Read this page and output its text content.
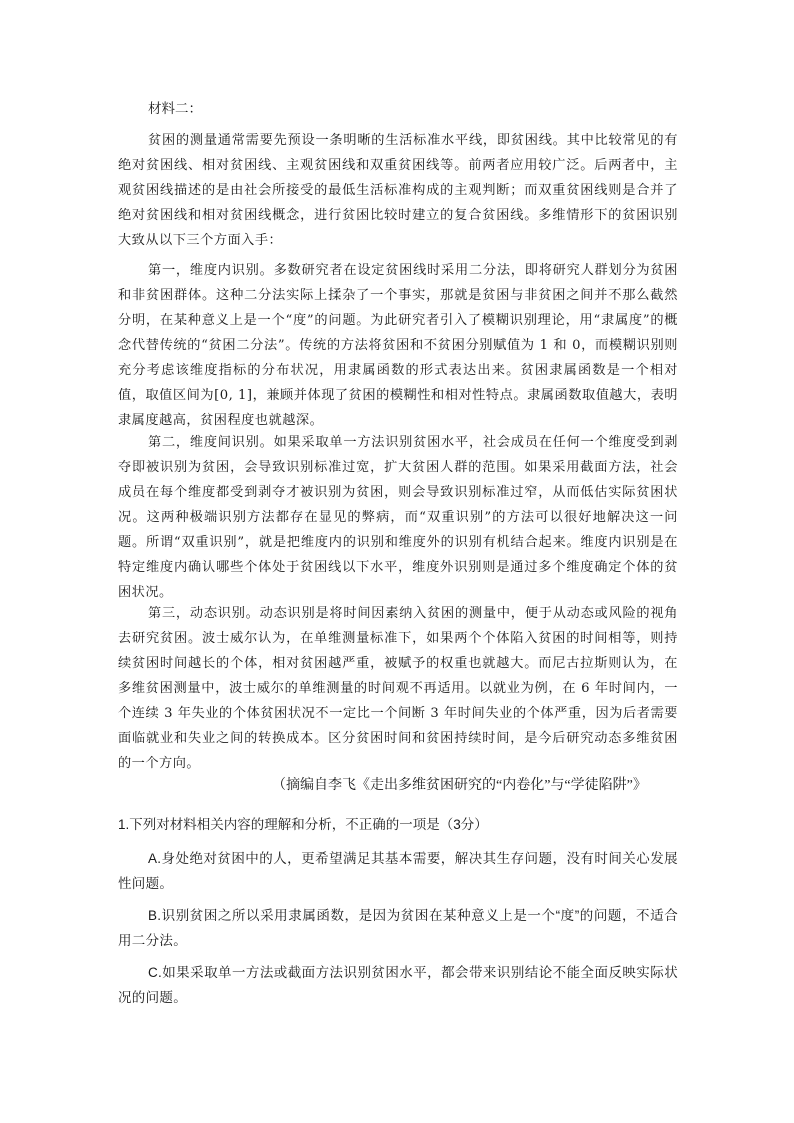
材料二：

贫困的测量通常需要先预设一条明晰的生活标准水平线，即贫困线。其中比较常见的有绝对贫困线、相对贫困线、主观贫困线和双重贫困线等。前两者应用较广泛。后两者中，主观贫困线描述的是由社会所接受的最低生活标准构成的主观判断；而双重贫困线则是合并了绝对贫困线和相对贫困线概念，进行贫困比较时建立的复合贫困线。多维情形下的贫困识别大致从以下三个方面入手：

第一，维度内识别。多数研究者在设定贫困线时采用二分法，即将研究人群划分为贫困和非贫困群体。这种二分法实际上揉杂了一个事实，那就是贫困与非贫困之间并不那么截然分明，在某种意义上是一个“度”的问题。为此研究者引入了模糊识别理论，用“隶属度”的概念代替传统的“贫困二分法”。传统的方法将贫困和不贫困分别赋值为 1 和 0，而模糊识别则充分考虑该维度指标的分布状况，用隶属函数的形式表达出来。贫困隶属函数是一个相对值，取值区间为[0, 1]，兼顾并体现了贫困的模糊性和相对性特点。隶属函数取值越大，表明隶属度越高，贫困程度也就越深。

第二，维度间识别。如果采取单一方法识别贫困水平，社会成员在任何一个维度受到剥夺即被识别为贫困，会导致识别标准过宽，扩大贫困人群的范围。如果采用截面方法，社会成员在每个维度都受到剥夺才被识别为贫困，则会导致识别标准过窄，从而低估实际贫困状况。这两种极端识别方法都存在显见的弊病，而“双重识别”的方法可以很好地解决这一问题。所谓“双重识别”，就是把维度内的识别和维度外的识别有机结合起来。维度内识别是在特定维度内确认哪些个体处于贫困线以下水平，维度外识别则是通过多个维度确定个体的贫困状况。

第三，动态识别。动态识别是将时间因素纳入贫困的测量中，便于从动态或风险的视角去研究贫困。波士威尔认为，在单维测量标准下，如果两个个体陷入贫困的时间相等，则持续贫困时间越长的个体，相对贫困越严重，被赋予的权重也就越大。而尼古拉斯则认为，在多维贫困测量中，波士威尔的单维测量的时间观不再适用。以就业为例，在 6 年时间内，一个连续 3 年失业的个体贫困状况不一定比一个间断 3 年时间失业的个体严重，因为后者需要面临就业和失业之间的转换成本。区分贫困时间和贫困持续时间，是今后研究动态多维贫困的一个方向。

（摘编自李飞《走出多维贫困研究的“内卷化”与“学徒陷阱”》
1.下列对材料相关内容的理解和分析，不正确的一项是（3分）

A.身处绝对贫困中的人，更希望满足其基本需要，解决其生存问题，没有时间关心发展性问题。

B.识别贫困之所以采用隶属函数，是因为贫困在某种意义上是一个“度”的问题，不适合用二分法。

C.如果采取单一方法或截面方法识别贫困水平，都会带来识别结论不能全面反映实际状况的问题。
